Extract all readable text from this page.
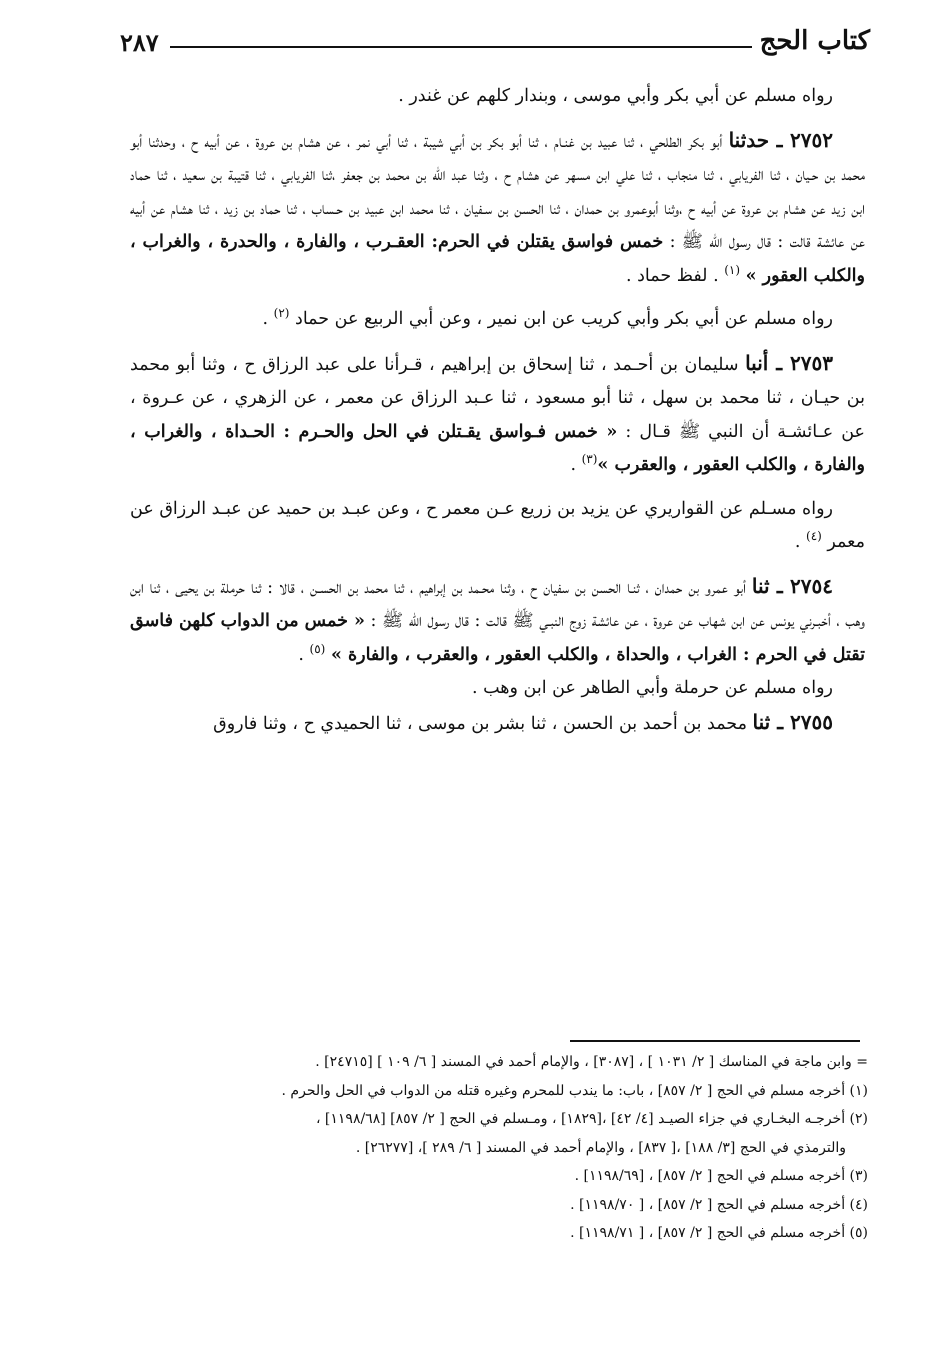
كتاب الحج
٢٨٧

رواه مسلم عن أبي بكر وأبي موسى ، وبندار كلهم عن غندر .

٢٧٥٢ ـ حدثنا أبو بكر الطلحي ، ثنا عبيد بن غنـام ، ثنا أبو بكر بن أبي شيبة ، ثنا أبي نمر ، عن هشام بن عروة ، عن أبيه ح ، وحدثنا أبو محمد بن حـيان ، ثنا الفريابي ، ثنا منجاب ، ثنا علي ابن مسهر عن هشام ح ، وثنا عبد الله بن محمد بن جعفر ،ثنا الفريابي ، ثنا قتيبة بن سعيد ، ثنا حماد ابن زيد عن هشام بن عروة عن أبيه ح ،وثنا أبوعمرو بن حمدان ، ثنا الحسن بن سـفيان ، ثنا محمد ابن عبيد بن حـساب ، ثنا حماد بن زيد ، ثنا هشام عن أبيه عن عائشة قالت : قال رسول الله ﷺ : خمس فواسق يقتلن في الحرم: العقـرب ، والفارة ، والحدرة ، والغراب ، والكلب العقور » $^{(١)}$ . لفظ حماد .

رواه مسلم عن أبي بكر وأبي كريب عن ابن نمير ، وعن أبي الربيع عن حماد $^{(٢)}$ .

٢٧٥٣ ـ أنبا سليمان بن أحـمد ، ثنا إسحاق بن إبراهيم ، قـرأنا على عبد الرزاق ح ، وثنا أبو محمد بن حيـان ، ثنا محمد بن سهل ، ثنا أبو مسعود ، ثنا عـبد الرزاق عن معمر ، عن الزهري ، عن عـروة ، عن عـائشـة أن النبي ﷺ قـال : « خمس فـواسق يقـتلن في الحل والحـرم : الحـداة ، والغراب ، والفارة ، والكلب العقور ، والعقرب »$^{(٣)}$ .

رواه مسـلم عن القواريري عن يزيد بن زريع عـن معمر ح ، وعن عبـد بن حميد عن عبـد الرزاق عن معمر $^{(٤)}$ .

٢٧٥٤ ـ ثنا أبو عمرو بن حمدان ، ثنـا الحسن بن سفيان ح ، وثنا محـمد بن إبراهيم ، ثنا محمد بن الحسـن ، قالا : ثنا حرملة بن يحيى ، ثنا ابن وهب ، أخبـرني يونس عن ابن شهاب عن عروة ، عن عائشة زوج النبـي ﷺ قالت : قال رسول الله ﷺ : « خمس من الدواب كلهن فاسق تقتل في الحرم : الغراب ، والحداة ، والكلب العقور ، والعقرب ، والفارة » $^{(٥)}$ .

رواه مسلم عن حرملة وأبي الطاهر عن ابن وهب .

٢٧٥٥ ـ ثنا محمد بن أحمد بن الحسن ، ثنا بشر بن موسى ، ثنا الحميدي ح ، وثنا فاروق

= وابن ماجة في المناسك [ ٢/ ١٠٣١ ] ، [٣٠٨٧] ، والإمام أحمد في المسند [ ٦/ ١٠٩ ] [٢٤٧١٥] .

(١) أخرجه مسلم في الحج [ ٢/ ٨٥٧] ، باب: ما يندب للمحرم وغيره قتله من الدواب في الحل والحرم .

(٢) أخرجـه البخـاري في جزاء الصيـد [٤/ ٤٢] ،[١٨٢٩] ، ومـسلم في الحج [ ٢/ ٨٥٧] [١١٩٨/٦٨] ،

والترمذي في الحج [٣/ ١٨٨] ،[ ٨٣٧] ، والإمام أحمد في المسند [ ٦/ ٢٨٩ ]، [٢٦٢٧٧] .

(٣) أخرجه مسلم في الحج [ ٢/ ٨٥٧] ، [١١٩٨/٦٩] .

(٤) أخرجه مسلم في الحج [ ٢/ ٨٥٧] ، [ ١١٩٨/٧٠] .

(٥) أخرجه مسلم في الحج [ ٢/ ٨٥٧] ، [ ١١٩٨/٧١] .
